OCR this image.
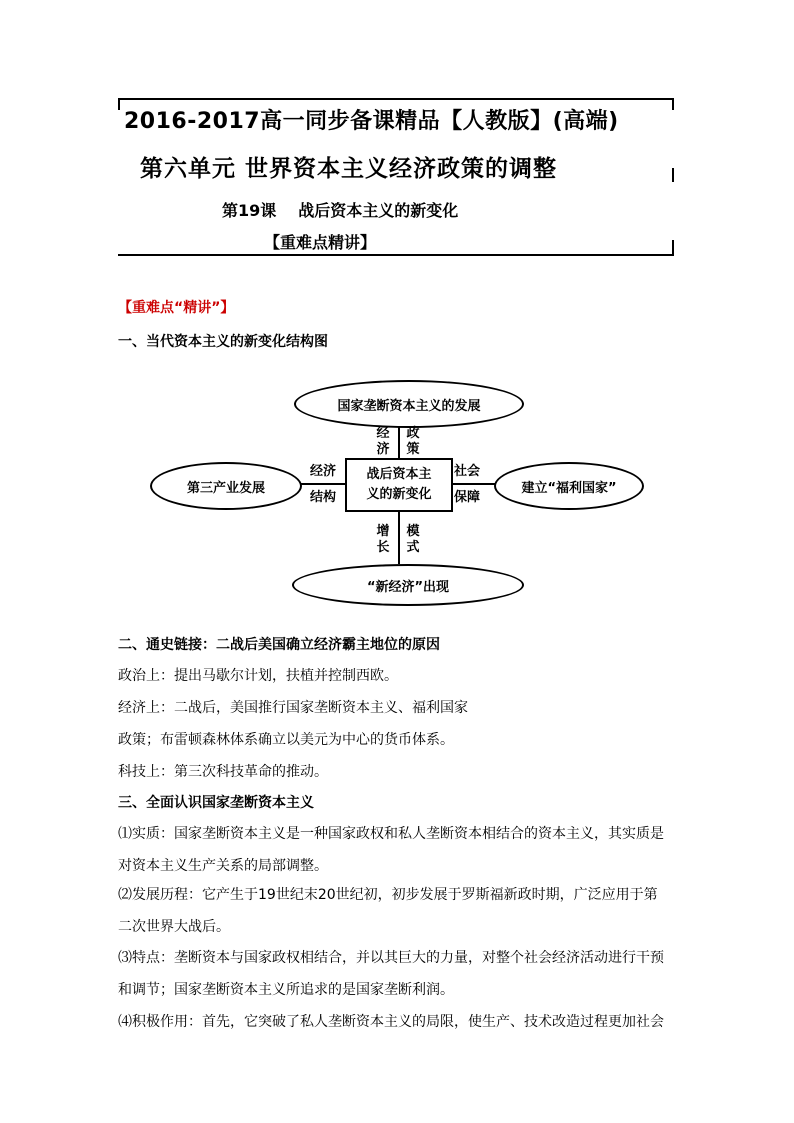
2016-2017高一同步备课精品【人教版】(高端)
第六单元 世界资本主义经济政策的调整
第19课 战后资本主义的新变化
【重难点精讲】
【重难点“精讲”】
一、当代资本主义的新变化结构图
国家垄断资本主义的发展
第三产业发展	建立“福利国家”
“新经济”出现
战后资本主
义的新变化
经济
政策
经济
结构
社会
保障
增长
模式
二、通史链接：二战后美国确立经济霸主地位的原因
政治上：提出马歇尔计划，扶植并控制西欧。
经济上：二战后，美国推行国家垄断资本主义、福利国家
政策；布雷顿森林体系确立以美元为中心的货币体系。
科技上：第三次科技革命的推动。
三、全面认识国家垄断资本主义
⑴实质：国家垄断资本主义是一种国家政权和私人垄断资本相结合的资本主义，其实质是
对资本主义生产关系的局部调整。
⑵发展历程：它产生于19世纪末20世纪初，初步发展于罗斯福新政时期，广泛应用于第
二次世界大战后。
⑶特点：垄断资本与国家政权相结合，并以其巨大的力量，对整个社会经济活动进行干预
和调节；国家垄断资本主义所追求的是国家垄断利润。
⑷积极作用：首先，它突破了私人垄断资本主义的局限，使生产、技术改造过程更加社会
